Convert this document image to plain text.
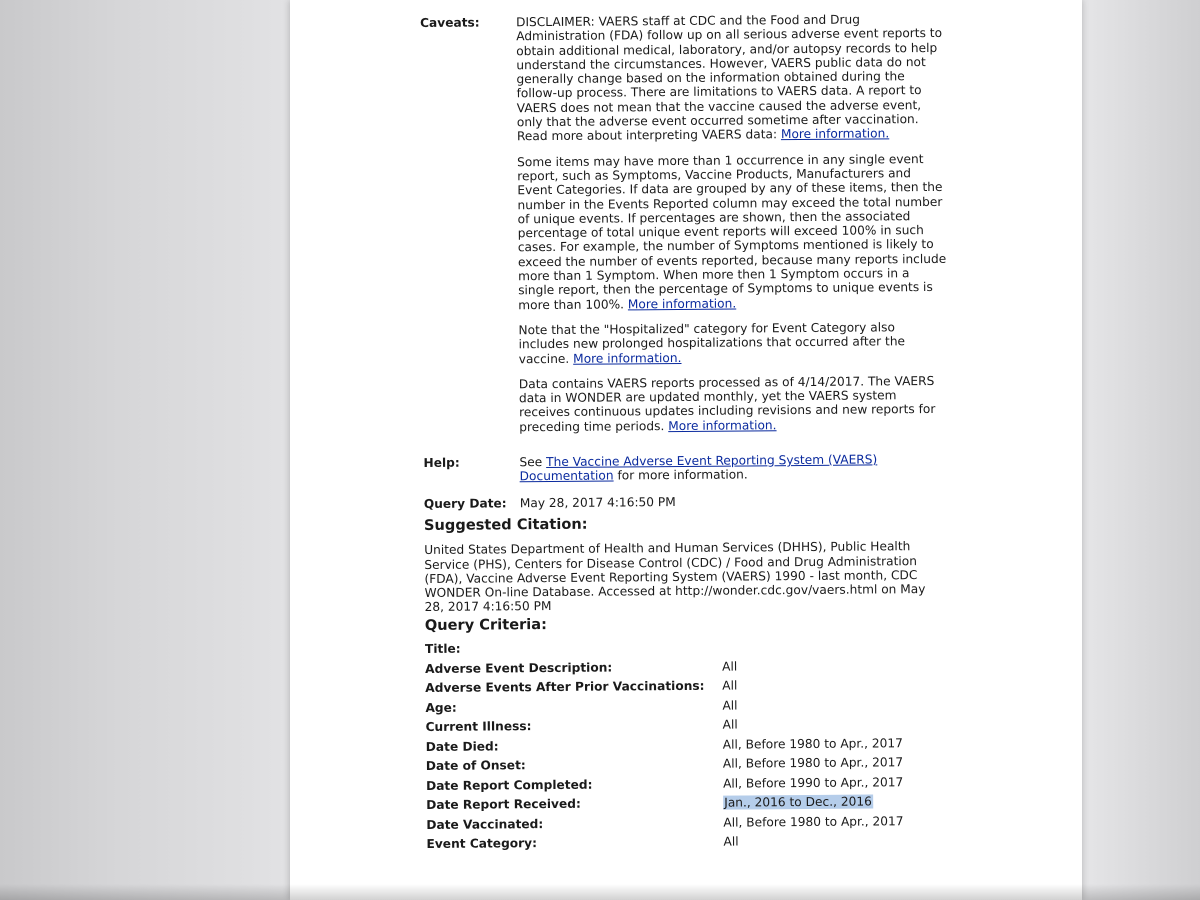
Caveats:	DISCLAIMER: VAERS staff at CDC and the Food and Drug Administration (FDA) follow up on all serious adverse event reports to obtain additional medical, laboratory, and/or autopsy records to help understand the circumstances. However, VAERS public data do not generally change based on the information obtained during the follow-up process. There are limitations to VAERS data. A report to VAERS does not mean that the vaccine caused the adverse event, only that the adverse event occurred sometime after vaccination. Read more about interpreting VAERS data: More information.

Some items may have more than 1 occurrence in any single event report, such as Symptoms, Vaccine Products, Manufacturers and Event Categories. If data are grouped by any of these items, then the number in the Events Reported column may exceed the total number of unique events. If percentages are shown, then the associated percentage of total unique event reports will exceed 100% in such cases. For example, the number of Symptoms mentioned is likely to exceed the number of events reported, because many reports include more than 1 Symptom. When more then 1 Symptom occurs in a single report, then the percentage of Symptoms to unique events is more than 100%. More information.

Note that the "Hospitalized" category for Event Category also includes new prolonged hospitalizations that occurred after the vaccine. More information.

Data contains VAERS reports processed as of 4/14/2017. The VAERS data in WONDER are updated monthly, yet the VAERS system receives continuous updates including revisions and new reports for preceding time periods. More information.

Help:	See The Vaccine Adverse Event Reporting System (VAERS) Documentation for more information.
Query Date:	May 28, 2017 4:16:50 PM
Suggested Citation:

United States Department of Health and Human Services (DHHS), Public Health Service (PHS), Centers for Disease Control (CDC) / Food and Drug Administration (FDA), Vaccine Adverse Event Reporting System (VAERS) 1990 - last month, CDC WONDER On-line Database. Accessed at http://wonder.cdc.gov/vaers.html on May 28, 2017 4:16:50 PM

Query Criteria:
Title:
Adverse Event Description:	All
Adverse Events After Prior Vaccinations:	All
Age:	All
Current Illness:	All
Date Died:	All, Before 1980 to Apr., 2017
Date of Onset:	All, Before 1980 to Apr., 2017
Date Report Completed:	All, Before 1990 to Apr., 2017
Date Report Received:	Jan., 2016 to Dec., 2016
Date Vaccinated:	All, Before 1980 to Apr., 2017
Event Category:	All
